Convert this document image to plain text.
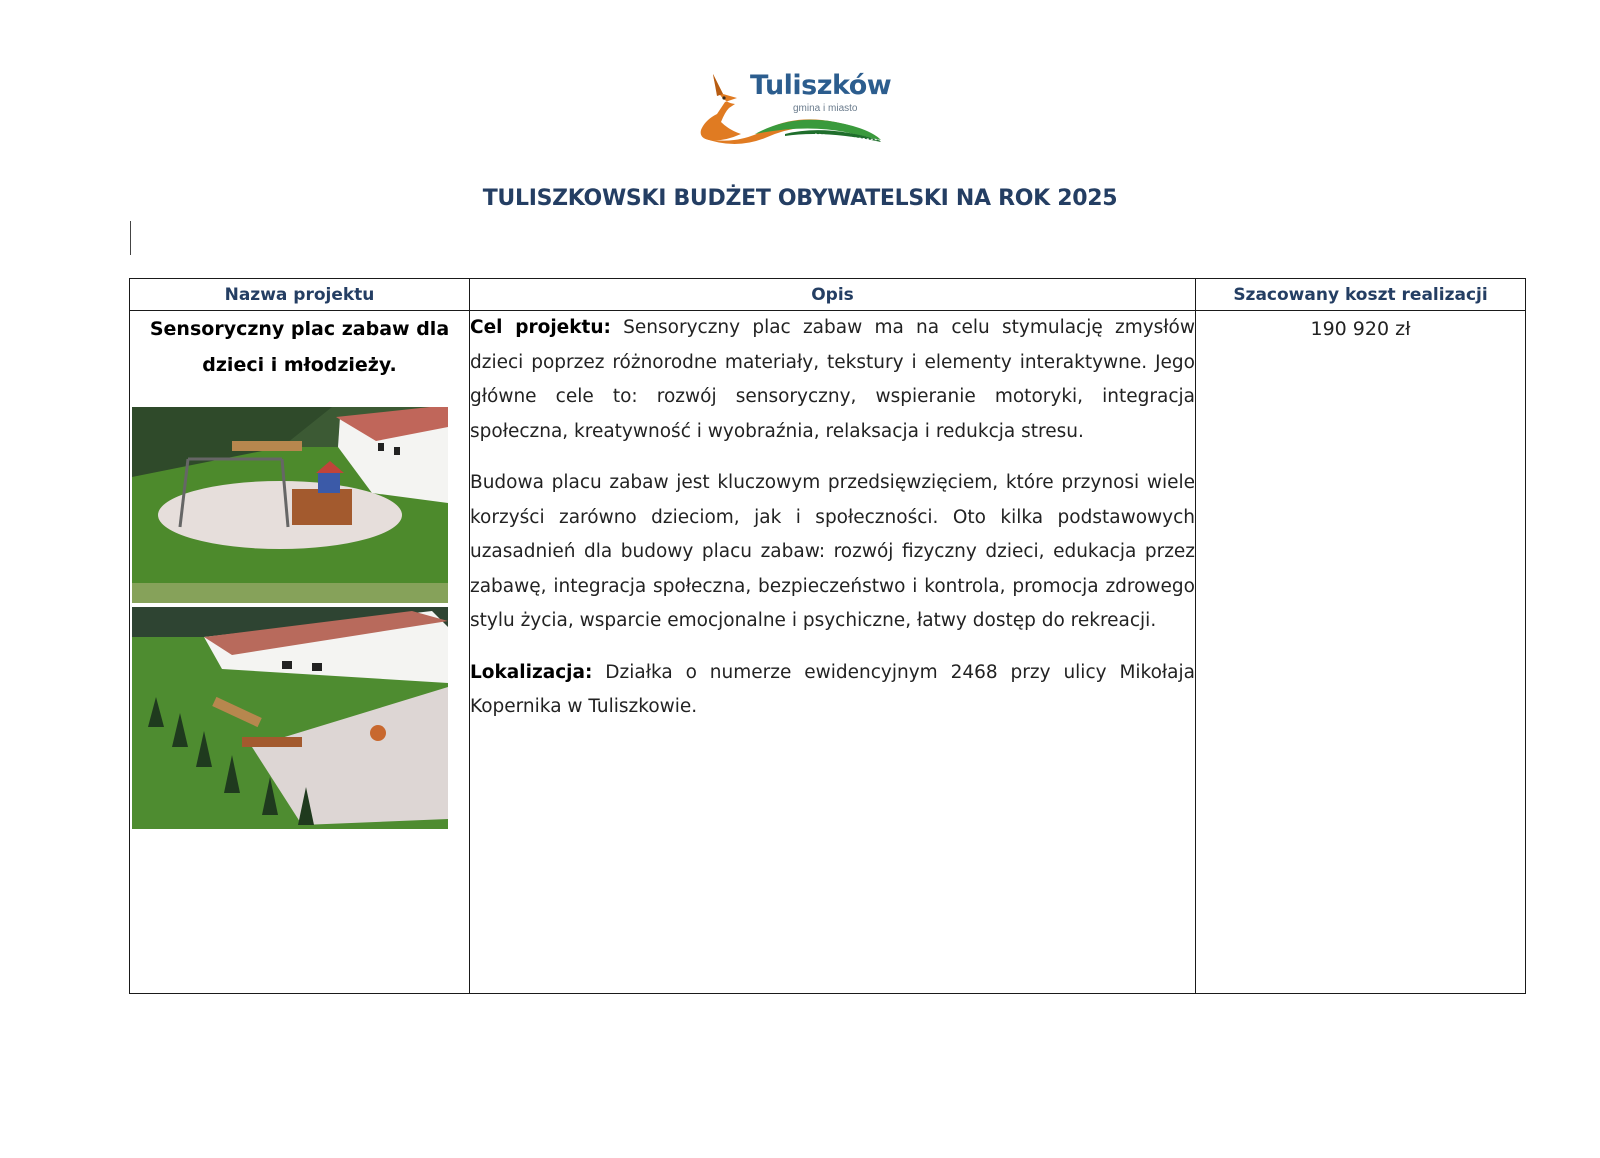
Tuliszków
gmina i miasto
TULISZKOWSKI BUDŻET OBYWATELSKI NA ROK 2025
Nazwa projektu	Opis	Szacowany koszt realizacji

Sensoryczny plac zabaw dla dzieci i młodzieży.	Cel projektu: Sensoryczny plac zabaw ma na celu stymulację zmysłów dzieci poprzez różnorodne materiały, tekstury i elementy interaktywne. Jego główne cele to: rozwój sensoryczny, wspieranie motoryki, integracja społeczna, kreatywność i wyobraźnia, relaksacja i redukcja stresu.

Budowa placu zabaw jest kluczowym przedsięwzięciem, które przynosi wiele korzyści zarówno dzieciom, jak i społeczności. Oto kilka podstawowych uzasadnień dla budowy placu zabaw: rozwój fizyczny dzieci, edukacja przez zabawę, integracja społeczna, bezpieczeństwo i kontrola, promocja zdrowego stylu życia, wsparcie emocjonalne i psychiczne, łatwy dostęp do rekreacji.

Lokalizacja: Działka o numerze ewidencyjnym 2468 przy ulicy Mikołaja Kopernika w Tuliszkowie.	190 920 zł
